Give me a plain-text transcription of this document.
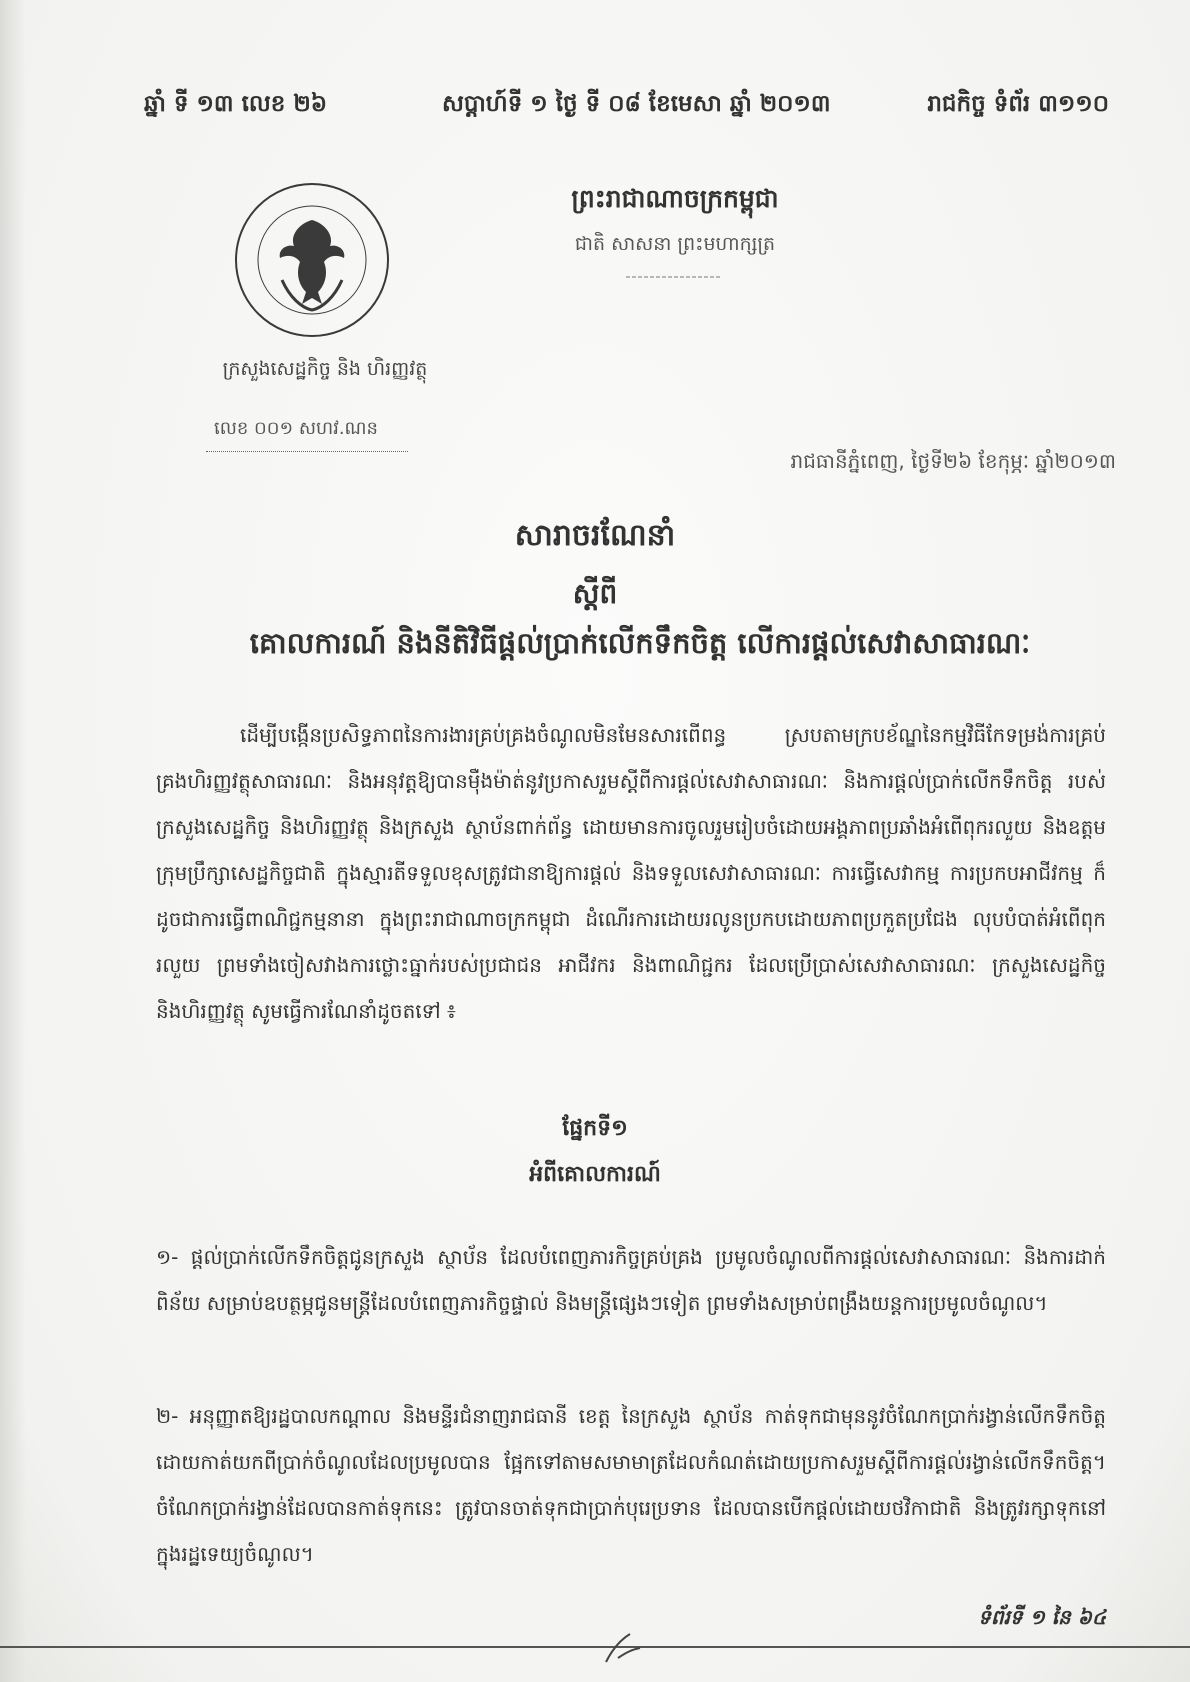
ឆ្នាំ ទី ១៣ លេខ ២៦	សប្តាហ៍ទី ១ ថ្ងៃ ទី ០៨ ខែមេសា ឆ្នាំ ២០១៣	រាជកិច្ច ទំព័រ ៣១១០
ក្រសួងសេដ្ឋកិច្ច និង ហិរញ្ញវត្ថុ
លេខ ០០១ សហវ.ណន
ព្រះរាជាណាចក្រកម្ពុជា
ជាតិ សាសនា ព្រះមហាក្សត្រ
រាជធានីភ្នំពេញ, ថ្ងៃទី២៦ ខែកុម្ភៈ ឆ្នាំ២០១៣
សារាចរណែនាំ
ស្តីពី
គោលការណ៍ និងនីតិវិធីផ្តល់ប្រាក់លើកទឹកចិត្ត លើការផ្តល់សេវាសាធារណៈ
ដើម្បីបង្កើនប្រសិទ្ធភាពនៃការងារគ្រប់គ្រងចំណូលមិនមែនសារពើពន្ធ ស្របតាមក្របខ័ណ្ឌនៃកម្មវិធីកែទម្រង់ការគ្រប់គ្រងហិរញ្ញវត្ថុសាធារណៈ និងអនុវត្តឱ្យបានម៉ឺងម៉ាត់នូវប្រកាសរួមស្តីពីការផ្តល់សេវាសាធារណៈ និងការផ្តល់ប្រាក់លើកទឹកចិត្ត របស់ក្រសួងសេដ្ឋកិច្ច និងហិរញ្ញវត្ថុ និងក្រសួង ស្ថាប័នពាក់ព័ន្ធ ដោយមានការចូលរួមរៀបចំដោយអង្គភាពប្រឆាំងអំពើពុករលួយ និងឧត្តមក្រុមប្រឹក្សាសេដ្ឋកិច្ចជាតិ ក្នុងស្មារតីទទួលខុសត្រូវជានាឱ្យការផ្តល់ និងទទួលសេវាសាធារណៈ ការធ្វើសេវាកម្ម ការប្រកបអាជីវកម្ម ក៏ដូចជាការធ្វើពាណិជ្ជកម្មនានា ក្នុងព្រះរាជាណាចក្រកម្ពុជា ដំណើរការដោយរលូនប្រកបដោយភាពប្រកួតប្រជែង លុបបំបាត់អំពើពុករលួយ ព្រមទាំងចៀសវាងការថ្លោះធ្នាក់របស់ប្រជាជន អាជីវករ និងពាណិជ្ជករ ដែលប្រើប្រាស់សេវាសាធារណៈ ក្រសួងសេដ្ឋកិច្ច និងហិរញ្ញវត្ថុ សូមធ្វើការណែនាំដូចតទៅ ៖
ផ្នែកទី១
អំពីគោលការណ៍
១- ផ្តល់ប្រាក់លើកទឹកចិត្តជូនក្រសួង ស្ថាប័ន ដែលបំពេញភារកិច្ចគ្រប់គ្រង ប្រមូលចំណូលពីការផ្តល់សេវាសាធារណៈ និងការដាក់ពិន័យ សម្រាប់ឧបត្ថម្ភជូនមន្ត្រីដែលបំពេញភារកិច្ចផ្ទាល់ និងមន្ត្រីផ្សេងៗទៀត ព្រមទាំងសម្រាប់ពង្រឹងយន្តការប្រមូលចំណូល។
២- អនុញ្ញាតឱ្យរដ្ឋបាលកណ្តាល និងមន្ទីរជំនាញរាជធានី ខេត្ត នៃក្រសួង ស្ថាប័ន កាត់ទុកជាមុននូវចំណែកប្រាក់រង្វាន់លើកទឹកចិត្ត ដោយកាត់យកពីប្រាក់ចំណូលដែលប្រមូលបាន ផ្អែកទៅតាមសមាមាត្រដែលកំណត់ដោយប្រកាសរួមស្តីពីការផ្តល់រង្វាន់លើកទឹកចិត្ត។ ចំណែកប្រាក់រង្វាន់ដែលបានកាត់ទុកនេះ ត្រូវបានចាត់ទុកជាប្រាក់បុរេប្រទាន ដែលបានបើកផ្តល់ដោយថវិកាជាតិ និងត្រូវរក្សាទុកនៅក្នុងរដ្ឋទេយ្យចំណូល។
ទំព័រទី ១ នៃ ៦៤
